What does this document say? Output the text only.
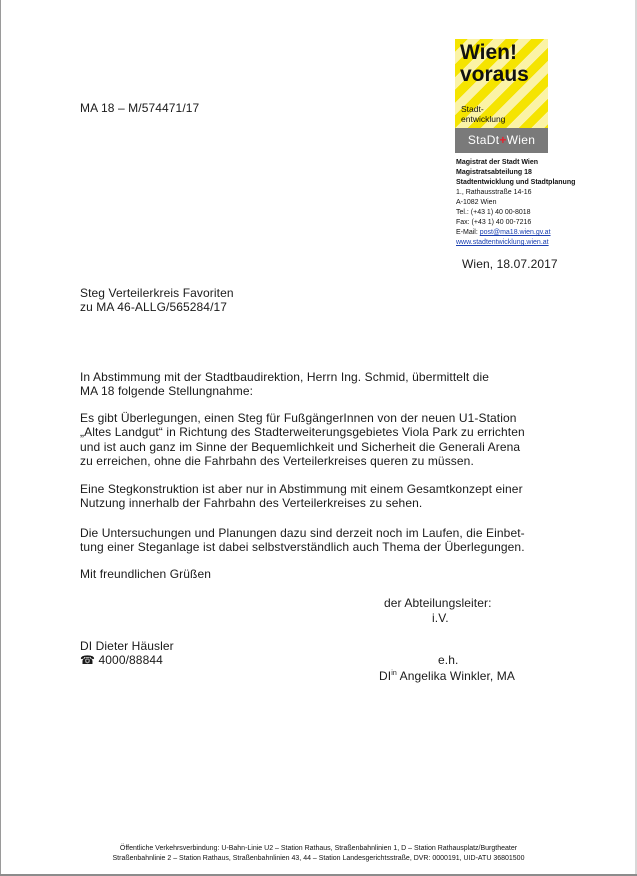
MA 18 – M/574471/17
Wien!
voraus
Stadt-
entwicklung
StaDt+Wien
Magistrat der Stadt Wien
Magistratsabteilung 18
Stadtentwicklung und Stadtplanung
1., Rathausstraße 14-16
A-1082 Wien
Tel.: (+43 1) 40 00-8018
Fax: (+43 1) 40 00-7216
E-Mail: post@ma18.wien.gv.at
www.stadtentwicklung.wien.at
Wien, 18.07.2017
Steg Verteilerkreis Favoriten
zu MA 46-ALLG/565284/17
In Abstimmung mit der Stadtbaudirektion, Herrn Ing. Schmid, übermittelt die
MA 18 folgende Stellungnahme:
Es gibt Überlegungen, einen Steg für FußgängerInnen von der neuen U1-Station
„Altes Landgut“ in Richtung des Stadterweiterungsgebietes Viola Park zu errichten
und ist auch ganz im Sinne der Bequemlichkeit und Sicherheit die Generali Arena
zu erreichen, ohne die Fahrbahn des Verteilerkreises queren zu müssen.
Eine Stegkonstruktion ist aber nur in Abstimmung mit einem Gesamtkonzept einer
Nutzung innerhalb der Fahrbahn des Verteilerkreises zu sehen.
Die Untersuchungen und Planungen dazu sind derzeit noch im Laufen, die Einbet-
tung einer Steganlage ist dabei selbstverständlich auch Thema der Überlegungen.
Mit freundlichen Grüßen
der Abteilungsleiter:
i.V.
DI Dieter Häusler
☎ 4000/88844	e.h.
$DI^{in}$ Angelika Winkler, MA
Öffentliche Verkehrsverbindung: U-Bahn-Linie U2 – Station Rathaus, Straßenbahnlinien 1, D – Station Rathausplatz/Burgtheater
Straßenbahnlinie 2 – Station Rathaus, Straßenbahnlinien 43, 44 – Station Landesgerichtsstraße, DVR: 0000191, UID-ATU 36801500
